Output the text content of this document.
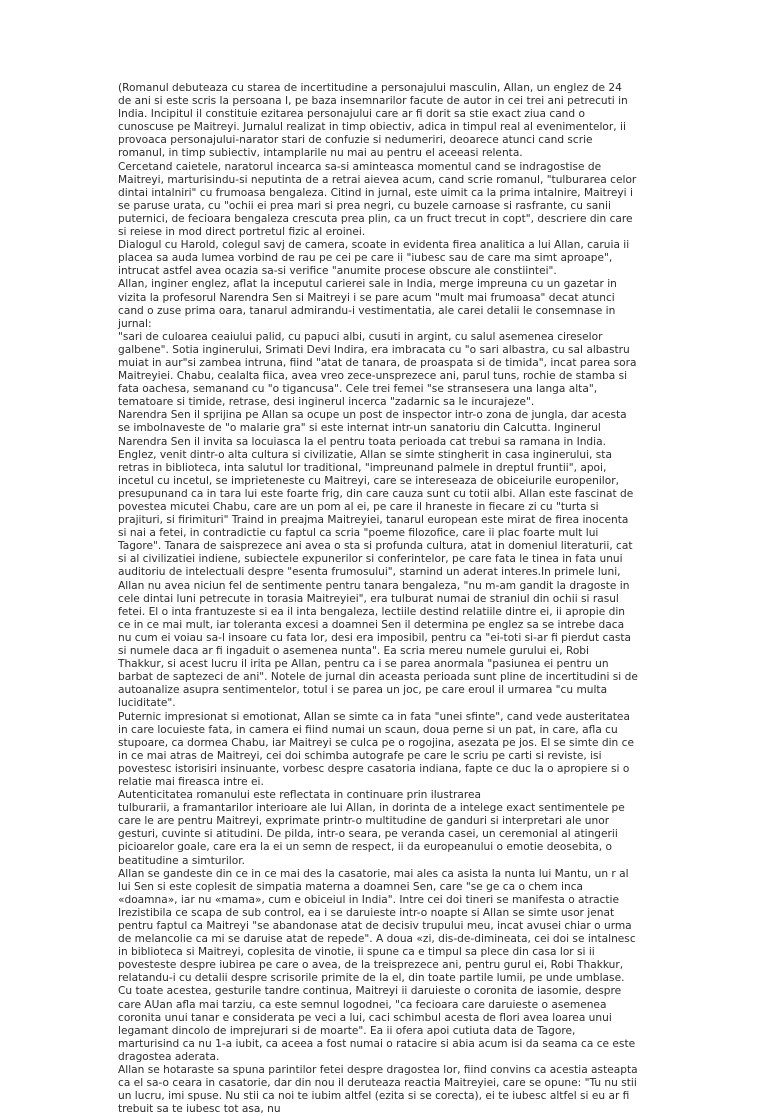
(Romanul debuteaza cu starea de incertitudine a personajului masculin, Allan, un englez de 24 de ani si este scris la persoana I, pe baza insemnarilor facute de autor in cei trei ani petrecuti in India. Incipitul il constituie ezitarea personajului care ar fi dorit sa stie exact ziua cand o cunoscuse pe Maitreyi. Jurnalul realizat in timp obiectiv, adica in timpul real al evenimentelor, ii provoaca personajului-narator stari de confuzie si nedumeriri, deoarece atunci cand scrie romanul, in timp subiectiv, intamplarile nu mai au pentru el aceeasi relenta.

Cercetand caietele, naratorul incearca sa-si aminteasca momentul cand se indragostise de Maitreyi, marturisindu-si neputinta de a retrai aievea acum, cand scrie romanul, "tulburarea celor dintai intalniri" cu frumoasa bengaleza. Citind in jurnal, este uimit ca la prima intalnire, Maitreyi i se paruse urata, cu "ochii ei prea mari si prea negri, cu buzele carnoase si rasfrante, cu sanii puternici, de fecioara bengaleza crescuta prea plin, ca un fruct trecut in copt", descriere din care si reiese in mod direct portretul fizic al eroinei.

Dialogul cu Harold, colegul savj de camera, scoate in evidenta firea analitica a lui Allan, caruia ii placea sa auda lumea vorbind de rau pe cei pe care ii "iubesc sau de care ma simt aproape", intrucat astfel avea ocazia sa-si verifice "anumite procese obscure ale constiintei".

Allan, inginer englez, aflat la inceputul carierei sale in India, merge impreuna cu un gazetar in vizita la profesorul Narendra Sen si Maitreyi i se pare acum "mult mai frumoasa" decat atunci cand o zuse prima oara, tanarul admirandu-i vestimentatia, ale carei detalii le consemnase in jurnal:

"sari de culoarea ceaiului palid, cu papuci albi, cusuti in argint, cu salul asemenea cireselor galbene". Sotia inginerului, Srimati Devi Indira, era imbracata cu "o sari albastra, cu sal albastru muiat in aur"si zambea intruna, fiind "atat de tanara, de proaspata si de timida", incat parea sora Maitreyiei. Chabu, cealalta fiica, avea vreo zece-unsprezece ani, parul tuns, rochie de stamba si fata oachesa, semanand cu "o tigancusa". Cele trei femei "se stransesera una langa alta", tematoare si timide, retrase, desi inginerul incerca "zadarnic sa le incurajeze".

Narendra Sen il sprijina pe Allan sa ocupe un post de inspector intr-o zona de jungla, dar acesta se imbolnaveste de "o malarie gra" si este internat intr-un sanatoriu din Calcutta. Inginerul Narendra Sen il invita sa locuiasca la el pentru toata perioada cat trebui sa ramana in India.

Englez, venit dintr-o alta cultura si civilizatie, Allan se simte stingherit in casa inginerului, sta retras in biblioteca, inta salutul lor traditional, "impreunand palmele in dreptul fruntii", apoi, incetul cu incetul, se imprieteneste cu Maitreyi, care se intereseaza de obiceiurile europenilor, presupunand ca in tara lui este foarte frig, din care cauza sunt cu totii albi. Allan este fascinat de povestea micutei Chabu, care are un pom al ei, pe care il hraneste in fiecare zi cu "turta si prajituri, si firimituri" Traind in preajma Maitreyiei, tanarul european este mirat de firea inocenta si nai a fetei, in contradictie cu faptul ca scria "poeme filozofice, care ii plac foarte mult lui Tagore". Tanara de saisprezece ani avea o sta si profunda cultura, atat in domeniul literaturii, cat si al civilizatiei indiene, subiectele expunerilor si conferintelor, pe care fata le tinea in fata unui auditoriu de intelectuali despre "esenta frumosului", starnind un aderat interes.In primele luni, Allan nu avea niciun fel de sentimente pentru tanara bengaleza, "nu m-am gandit la dragoste in cele dintai luni petrecute in torasia Maitreyiei", era tulburat numai de straniul din ochii si rasul fetei. El o inta frantuzeste si ea il inta bengaleza, lectiile destind relatiile dintre ei, ii apropie din ce in ce mai mult, iar toleranta excesi a doamnei Sen il determina pe englez sa se intrebe daca nu cum ei voiau sa-l insoare cu fata lor, desi era imposibil, pentru ca "ei-toti si-ar fi pierdut casta si numele daca ar fi ingaduit o asemenea nunta". Ea scria mereu numele gurului ei, Robi Thakkur, si acest lucru il irita pe Allan, pentru ca i se parea anormala "pasiunea ei pentru un barbat de saptezeci de ani". Notele de jurnal din aceasta perioada sunt pline de incertitudini si de autoanalize asupra sentimentelor, totul i se parea un joc, pe care eroul il urmarea "cu multa luciditate".

Puternic impresionat si emotionat, Allan se simte ca in fata "unei sfinte", cand vede austeritatea in care locuieste fata, in camera ei fiind numai un scaun, doua perne si un pat, in care, afla cu stupoare, ca dormea Chabu, iar Maitreyi se culca pe o rogojina, asezata pe jos. El se simte din ce in ce mai atras de Maitreyi, cei doi schimba autografe pe care le scriu pe carti si reviste, isi povestesc istorisiri insinuante, vorbesc despre casatoria indiana, fapte ce duc la o apropiere si o relatie mai fireasca intre ei.

Autenticitatea romanului este reflectata in continuare prin ilustrarea

tulburarii, a framantarilor interioare ale lui Allan, in dorinta de a intelege exact sentimentele pe care le are pentru Maitreyi, exprimate printr-o multitudine de ganduri si interpretari ale unor gesturi, cuvinte si atitudini. De pilda, intr-o seara, pe veranda casei, un ceremonial al atingerii picioarelor goale, care era la ei un semn de respect, ii da europeanului o emotie deosebita, o beatitudine a simturilor.

Allan se gandeste din ce in ce mai des la casatorie, mai ales ca asista la nunta lui Mantu, un r al lui Sen si este coplesit de simpatia materna a doamnei Sen, care "se ge ca o chem inca «doamna», iar nu «mama», cum e obiceiul in India". Intre cei doi tineri se manifesta o atractie Irezistibila ce scapa de sub control, ea i se daruieste intr-o noapte si Allan se simte usor jenat pentru faptul ca Maitreyi "se abandonase atat de decisiv trupului meu, incat avusei chiar o urma de melancolie ca mi se daruise atat de repede". A doua «zi, dis-de-dimineata, cei doi se intalnesc in biblioteca si Maitreyi, coplesita de vinotie, ii spune ca e timpul sa plece din casa lor si ii povesteste despre iubirea pe care o avea, de la treisprezece ani, pentru gurul ei, Robi Thakkur, relatandu-i cu detalii despre scrisorile primite de la el, din toate partile lumii, pe unde umblase. Cu toate acestea, gesturile tandre continua, Maitreyi ii daruieste o coronita de iasomie, despre care AUan afla mai tarziu, ca este semnul logodnei, "ca fecioara care daruieste o asemenea coronita unui tanar e considerata pe veci a lui, caci schimbul acesta de flori avea loarea unui legamant dincolo de imprejurari si de moarte". Ea ii ofera apoi cutiuta data de Tagore, marturisind ca nu 1-a iubit, ca aceea a fost numai o ratacire si abia acum isi da seama ca ce este dragostea aderata.

Allan se hotaraste sa spuna parintilor fetei despre dragostea lor, fiind convins ca acestia asteapta ca el sa-o ceara in casatorie, dar din nou il deruteaza reactia Maitreyiei, care se opune: "Tu nu stii un lucru, imi spuse. Nu stii ca noi te iubim altfel (ezita si se corecta), ei te iubesc altfel si eu ar fi trebuit sa te iubesc tot asa, nu
